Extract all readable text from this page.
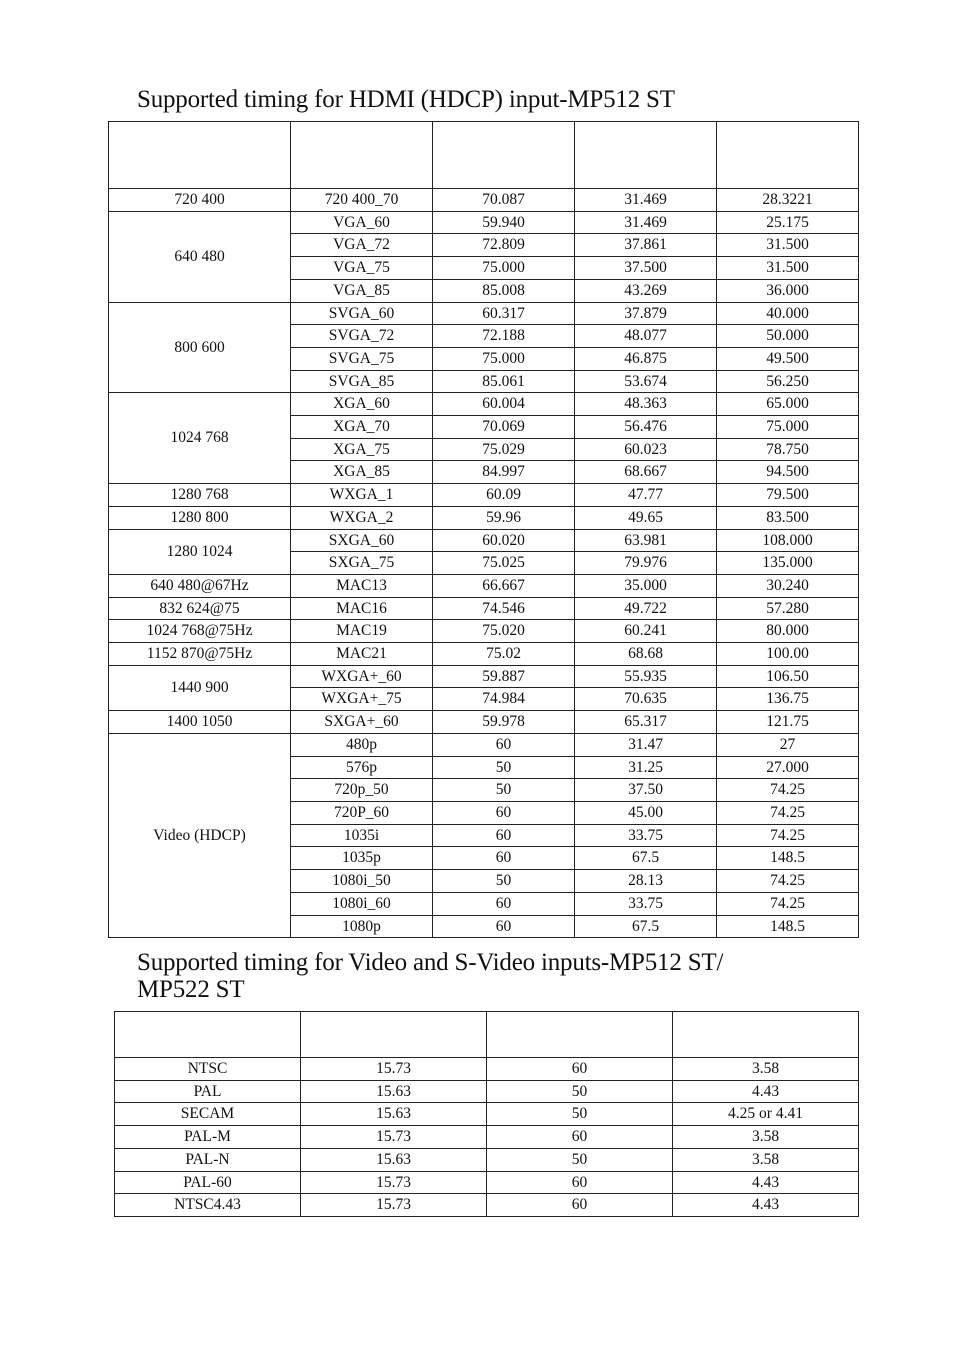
Supported timing for HDMI (HDCP) input-MP512 ST

720 400	720 400_70	70.087	31.469	28.3221
640 480	VGA_60	59.940	31.469	25.175
	VGA_72	72.809	37.861	31.500
	VGA_75	75.000	37.500	31.500
	VGA_85	85.008	43.269	36.000
800 600	SVGA_60	60.317	37.879	40.000
	SVGA_72	72.188	48.077	50.000
	SVGA_75	75.000	46.875	49.500
	SVGA_85	85.061	53.674	56.250
1024 768	XGA_60	60.004	48.363	65.000
	XGA_70	70.069	56.476	75.000
	XGA_75	75.029	60.023	78.750
	XGA_85	84.997	68.667	94.500
1280 768	WXGA_1	60.09	47.77	79.500
1280 800	WXGA_2	59.96	49.65	83.500
1280 1024	SXGA_60	60.020	63.981	108.000
	SXGA_75	75.025	79.976	135.000
640 480@67Hz	MAC13	66.667	35.000	30.240
832 624@75	MAC16	74.546	49.722	57.280
1024 768@75Hz	MAC19	75.020	60.241	80.000
1152 870@75Hz	MAC21	75.02	68.68	100.00
1440 900	WXGA+_60	59.887	55.935	106.50
	WXGA+_75	74.984	70.635	136.75
1400 1050	SXGA+_60	59.978	65.317	121.75
Video (HDCP)	480p	60	31.47	27
	576p	50	31.25	27.000
	720p_50	50	37.50	74.25
	720P_60	60	45.00	74.25
	1035i	60	33.75	74.25
	1035p	60	67.5	148.5
	1080i_50	50	28.13	74.25
	1080i_60	60	33.75	74.25
	1080p	60	67.5	148.5
Supported timing for Video and S-Video inputs-MP512 ST/
MP522 ST

NTSC	15.73	60	3.58
PAL	15.63	50	4.43
SECAM	15.63	50	4.25 or 4.41
PAL-M	15.73	60	3.58
PAL-N	15.63	50	3.58
PAL-60	15.73	60	4.43
NTSC4.43	15.73	60	4.43
